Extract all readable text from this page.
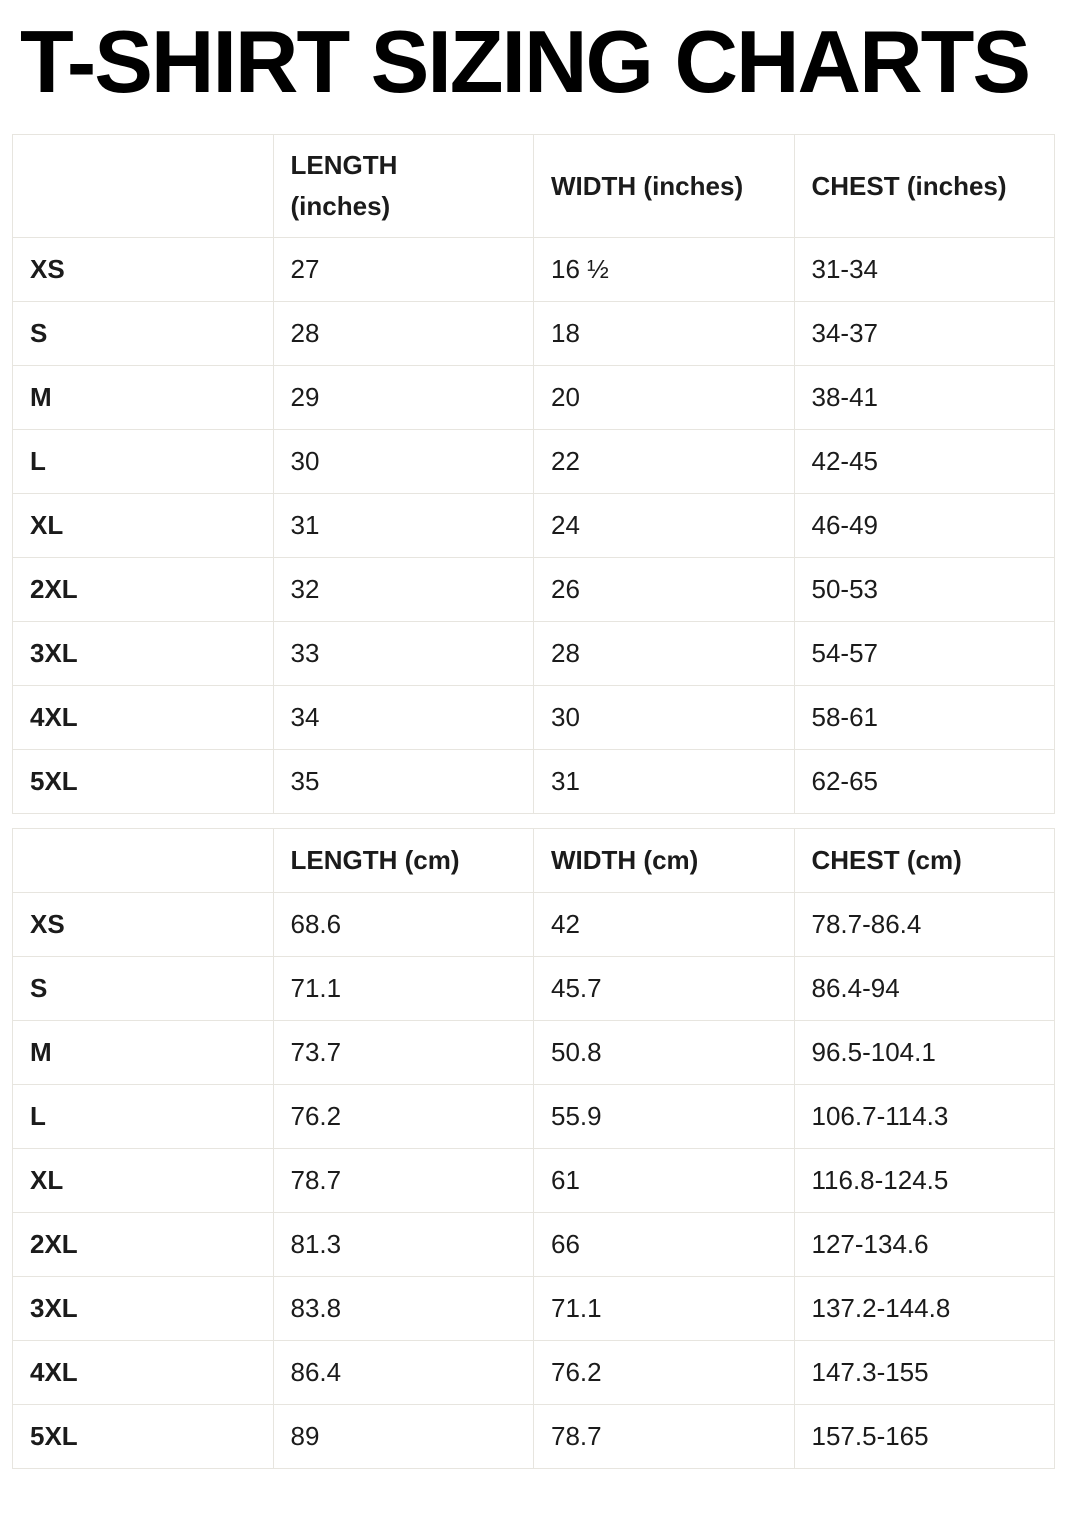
T-SHIRT SIZING CHARTS
	LENGTH (inches)	WIDTH (inches)	CHEST (inches)
XS	27	16 ½	31-34
S	28	18	34-37
M	29	20	38-41
L	30	22	42-45
XL	31	24	46-49
2XL	32	26	50-53
3XL	33	28	54-57
4XL	34	30	58-61
5XL	35	31	62-65
	LENGTH (cm)	WIDTH (cm)	CHEST (cm)
XS	68.6	42	78.7-86.4
S	71.1	45.7	86.4-94
M	73.7	50.8	96.5-104.1
L	76.2	55.9	106.7-114.3
XL	78.7	61	116.8-124.5
2XL	81.3	66	127-134.6
3XL	83.8	71.1	137.2-144.8
4XL	86.4	76.2	147.3-155
5XL	89	78.7	157.5-165
